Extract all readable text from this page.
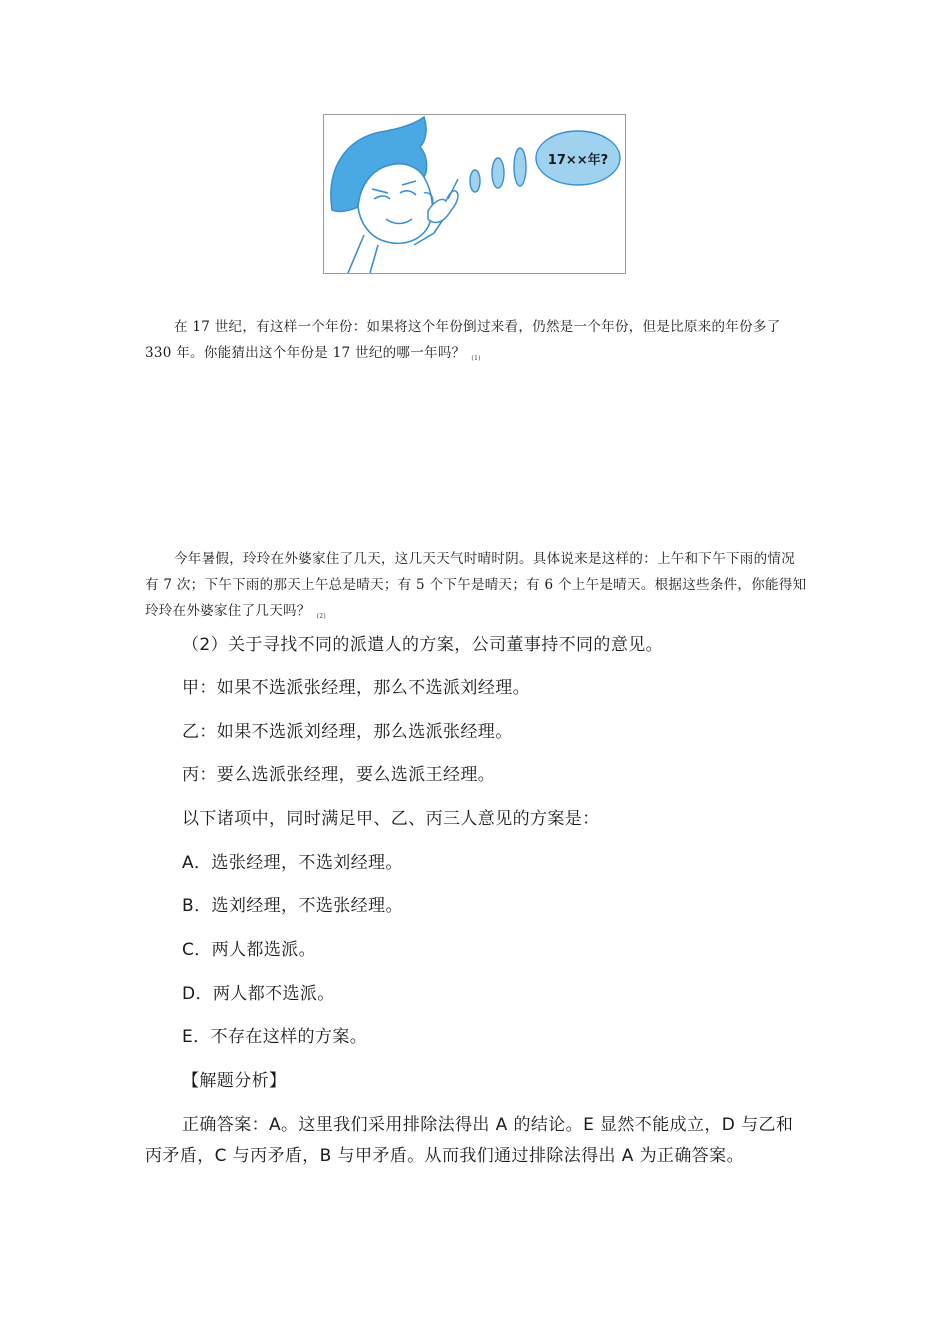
17××年?

在 17 世纪，有这样一个年份：如果将这个年份倒过来看，仍然是一个年份，但是比原来的年份多了 330 年。你能猜出这个年份是 17 世纪的哪一年吗？ $_{(1)}$

今年暑假，玲玲在外婆家住了几天，这几天天气时晴时阴。具体说来是这样的：上午和下午下雨的情况有 7 次；下午下雨的那天上午总是晴天；有 5 个下午是晴天；有 6 个上午是晴天。根据这些条件，你能得知玲玲在外婆家住了几天吗？ $_{(2)}$

（2）关于寻找不同的派遣人的方案，公司董事持不同的意见。

甲：如果不选派张经理，那么不选派刘经理。

乙：如果不选派刘经理，那么选派张经理。

丙：要么选派张经理，要么选派王经理。

以下诸项中，同时满足甲、乙、丙三人意见的方案是：

A．选张经理，不选刘经理。

B．选刘经理，不选张经理。

C．两人都选派。

D．两人都不选派。

E．不存在这样的方案。

【解题分析】

正确答案：A。这里我们采用排除法得出 A 的结论。E 显然不能成立，D 与乙和丙矛盾，C 与丙矛盾，B 与甲矛盾。从而我们通过排除法得出 A 为正确答案。
